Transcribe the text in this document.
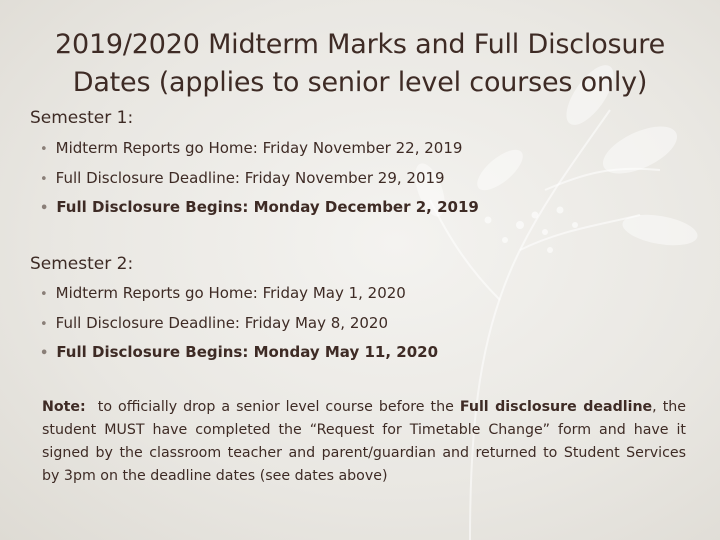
2019/2020 Midterm Marks and Full Disclosure Dates (applies to senior level courses only)
Semester 1:
• Midterm Reports go Home: Friday November 22, 2019
• Full Disclosure Deadline: Friday November 29, 2019
• Full Disclosure Begins: Monday December 2, 2019
Semester 2:
• Midterm Reports go Home: Friday May 1, 2020
• Full Disclosure Deadline: Friday May 8, 2020
• Full Disclosure Begins: Monday May 11, 2020
Note: to officially drop a senior level course before the Full disclosure deadline, the student MUST have completed the “Request for Timetable Change” form and have it signed by the classroom teacher and parent/guardian and returned to Student Services by 3pm on the deadline dates (see dates above)
